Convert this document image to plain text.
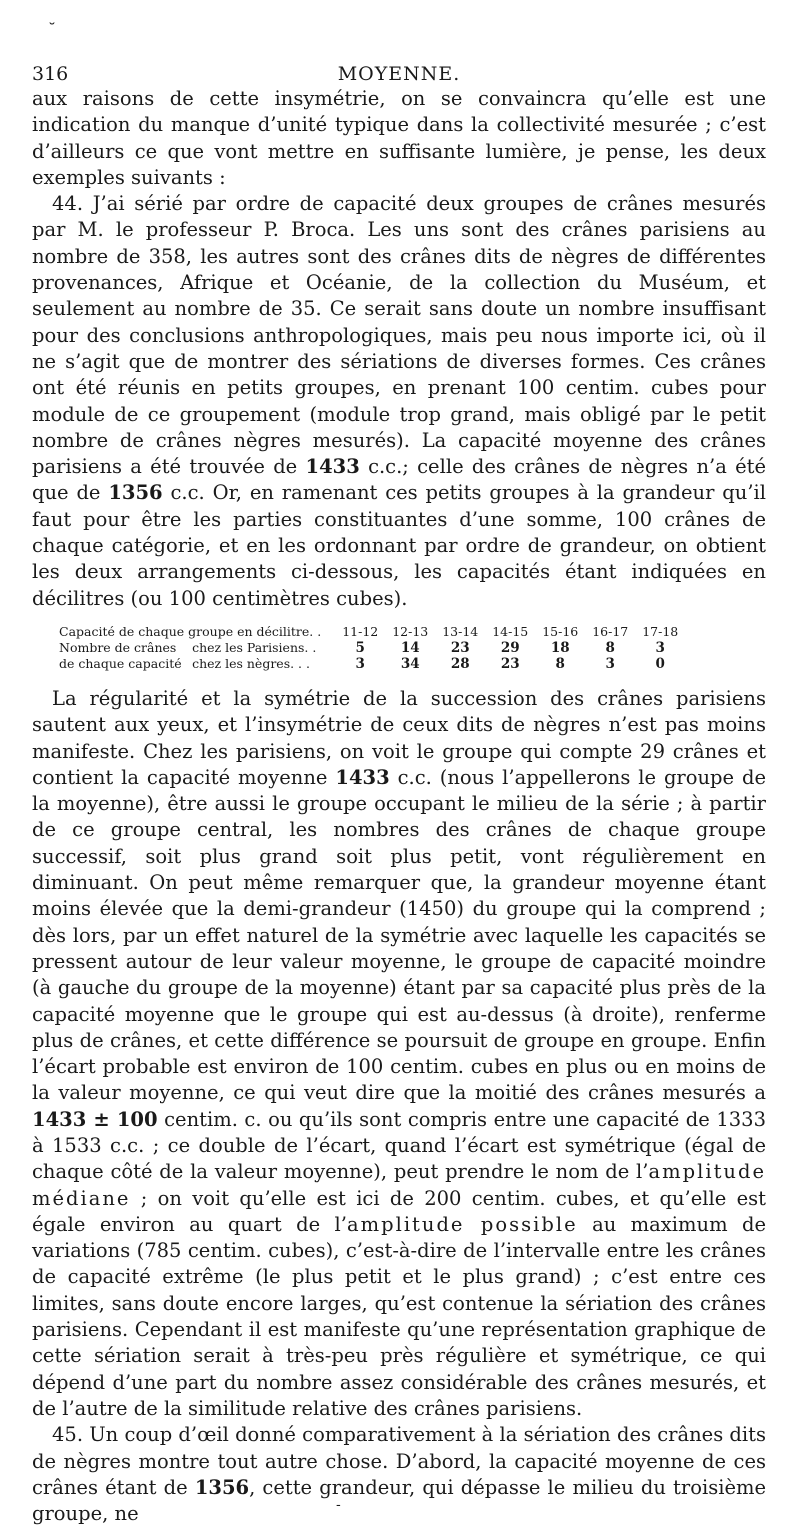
˘
316	MOYENNE.

aux raisons de cette insymétrie, on se convaincra qu’elle est une indication du manque d’unité typique dans la collectivité mesurée ; c’est d’ailleurs ce que vont mettre en suffisante lumière, je pense, les deux exemples suivants :

44. J’ai sérié par ordre de capacité deux groupes de crânes mesurés par M. le professeur P. Broca. Les uns sont des crânes parisiens au nombre de 358, les autres sont des crânes dits de nègres de différentes provenances, Afrique et Océanie, de la collection du Muséum, et seulement au nombre de 35. Ce serait sans doute un nombre insuffisant pour des conclusions anthropologiques, mais peu nous importe ici, où il ne s’agit que de montrer des sériations de diverses formes. Ces crânes ont été réunis en petits groupes, en prenant 100 centim. cubes pour module de ce groupement (module trop grand, mais obligé par le petit nombre de crânes nègres mesurés). La capacité moyenne des crânes parisiens a été trouvée de 1433 c.c.; celle des crânes de nègres n’a été que de 1356 c.c. Or, en ramenant ces petits groupes à la grandeur qu’il faut pour être les parties constituantes d’une somme, 100 crânes de chaque catégorie, et en les ordonnant par ordre de grandeur, on obtient les deux arrangements ci-dessous, les capacités étant indiquées en décilitres (ou 100 centimètres cubes).

Capacité de chaque groupe en décilitre. .		11-12	12-13	13-14	14-15	15-16	16-17	17-18
Nombre de crânes	chez les Parisiens. .	5	14	23	29	18	8	3
de chaque capacité	chez les nègres. . .	3	34	28	23	8	3	0

La régularité et la symétrie de la succession des crânes parisiens sautent aux yeux, et l’insymétrie de ceux dits de nègres n’est pas moins manifeste. Chez les parisiens, on voit le groupe qui compte 29 crânes et contient la capacité moyenne 1433 c.c. (nous l’appellerons le groupe de la moyenne), être aussi le groupe occupant le milieu de la série ; à partir de ce groupe central, les nombres des crânes de chaque groupe successif, soit plus grand soit plus petit, vont régulièrement en diminuant. On peut même remarquer que, la grandeur moyenne étant moins élevée que la demi-grandeur (1450) du groupe qui la comprend ; dès lors, par un effet naturel de la symétrie avec laquelle les capacités se pressent autour de leur valeur moyenne, le groupe de capacité moindre (à gauche du groupe de la moyenne) étant par sa capacité plus près de la capacité moyenne que le groupe qui est au-dessus (à droite), renferme plus de crânes, et cette différence se poursuit de groupe en groupe. Enfin l’écart probable est environ de 100 centim. cubes en plus ou en moins de la valeur moyenne, ce qui veut dire que la moitié des crânes mesurés a 1433 ± 100 centim. c. ou qu’ils sont compris entre une capacité de 1333 à 1533 c.c. ; ce double de l’écart, quand l’écart est symétrique (égal de chaque côté de la valeur moyenne), peut prendre le nom de l’amplitude médiane ; on voit qu’elle est ici de 200 centim. cubes, et qu’elle est égale environ au quart de l’amplitude possible au maximum de variations (785 centim. cubes), c’est-à-dire de l’intervalle entre les crânes de capacité extrême (le plus petit et le plus grand) ; c’est entre ces limites, sans doute encore larges, qu’est contenue la sériation des crânes parisiens. Cependant il est manifeste qu’une représentation graphique de cette sériation serait à très-peu près régulière et symétrique, ce qui dépend d’une part du nombre assez considérable des crânes mesurés, et de l’autre de la similitude relative des crânes parisiens.

45. Un coup d’œil donné comparativement à la sériation des crânes dits de nègres montre tout autre chose. D’abord, la capacité moyenne de ces crânes étant de 1356, cette grandeur, qui dépasse le milieu du troisième groupe, ne	-
